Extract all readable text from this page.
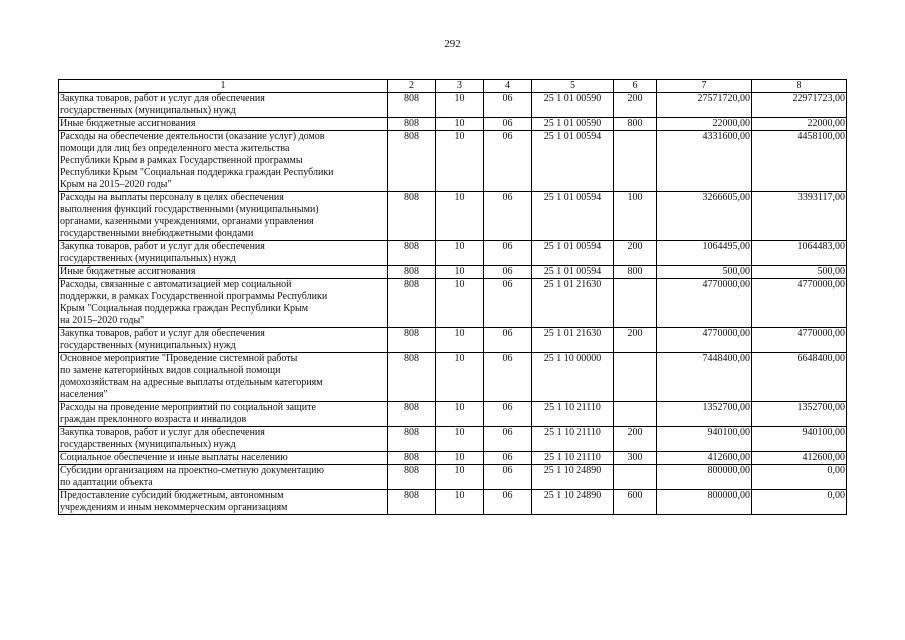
292
1	2	3	4	5	6	7	8
Закупка товаров, работ и услуг для обеспечения
государственных (муниципальных) нужд	808	10	06	25 1 01 00590	200	27571720,00	22971723,00
Иные бюджетные ассигнования	808	10	06	25 1 01 00590	800	22000,00	22000,00
Расходы на обеспечение деятельности (оказание услуг) домов
помощи для лиц без определенного места жительства
Республики Крым в рамках Государственной программы
Республики Крым "Социальная поддержка граждан Республики
Крым на 2015–2020 годы"	808	10	06	25 1 01 00594		4331600,00	4458100,00
Расходы на выплаты персоналу в целях обеспечения
выполнения функций государственными (муниципальными)
органами, казенными учреждениями, органами управления
государственными внебюджетными фондами	808	10	06	25 1 01 00594	100	3266605,00	3393117,00
Закупка товаров, работ и услуг для обеспечения
государственных (муниципальных) нужд	808	10	06	25 1 01 00594	200	1064495,00	1064483,00
Иные бюджетные ассигнования	808	10	06	25 1 01 00594	800	500,00	500,00
Расходы, связанные с автоматизацией мер социальной
поддержки, в рамках Государственной программы Республики
Крым "Социальная поддержка граждан Республики Крым
на 2015–2020 годы"	808	10	06	25 1 01 21630		4770000,00	4770000,00
Закупка товаров, работ и услуг для обеспечения
государственных (муниципальных) нужд	808	10	06	25 1 01 21630	200	4770000,00	4770000,00
Основное мероприятие "Проведение системной работы
по замене категорийных видов социальной помощи
домохозяйствам на адресные выплаты отдельным категориям
населения"	808	10	06	25 1 10 00000		7448400,00	6648400,00
Расходы на проведение мероприятий по социальной защите
граждан преклонного возраста и инвалидов	808	10	06	25 1 10 21110		1352700,00	1352700,00
Закупка товаров, работ и услуг для обеспечения
государственных (муниципальных) нужд	808	10	06	25 1 10 21110	200	940100,00	940100,00
Социальное обеспечение и иные выплаты населению	808	10	06	25 1 10 21110	300	412600,00	412600,00
Субсидии организациям на проектно-сметную документацию
по адаптации объекта	808	10	06	25 1 10 24890		800000,00	0,00
Предоставление субсидий бюджетным, автономным
учреждениям и иным некоммерческим организациям	808	10	06	25 1 10 24890	600	800000,00	0,00
